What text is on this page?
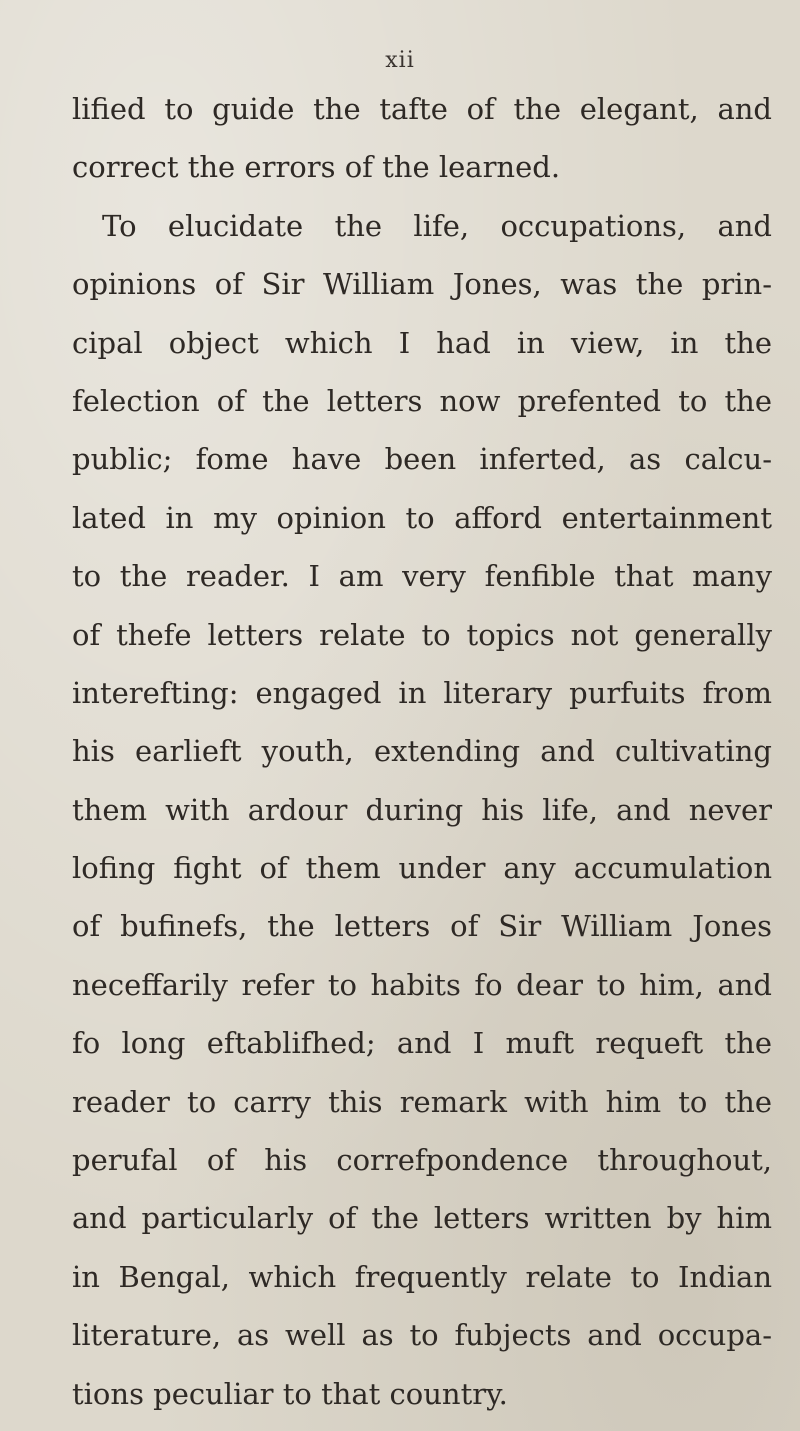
xii
lified to guide the tafte of the elegant, and
correct the errors of the learned.
To elucidate the life, occupations, and
opinions of Sir William Jones, was the prin-
cipal object which I had in view, in the
felection of the letters now prefented to the
public; fome have been inferted, as calcu-
lated in my opinion to afford entertainment
to the reader. I am very fenfible that many
of thefe letters relate to topics not generally
interefting: engaged in literary purfuits from
his earlieft youth, extending and cultivating
them with ardour during his life, and never
lofing fight of them under any accumulation
of bufinefs, the letters of Sir William Jones
neceffarily refer to habits fo dear to him, and
fo long eftablifhed; and I muft requeft the
reader to carry this remark with him to the
perufal of his correfpondence throughout,
and particularly of the letters written by him
in Bengal, which frequently relate to Indian
literature, as well as to fubjects and occupa-
tions peculiar to that country.
